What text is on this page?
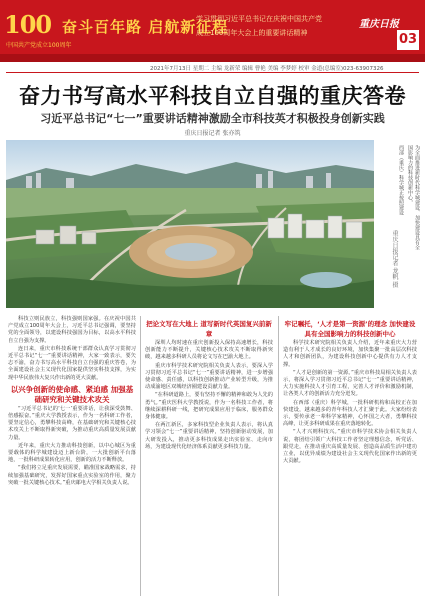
100
中国共产党成立100周年
奋斗百年路 启航新征程
学习贯彻习近平总书记在庆祝中国共产党
成立100周年大会上的重要讲话精神
重庆日报
03
2021年7月13日 星期二 主编 龙新荣 编辑 曹艳 美编 李梦婷 校审 金道(总编室)023-63907326
奋力书写高水平科技自立自强的重庆答卷
习近平总书记“七一”重要讲话精神激励全市科技英才积极投身创新实践
重庆日报记者 张亦筑
为全面推进新时代科学城建设、加快建设具有全国影响力的科技创新中心，
西部（重庆）科学城正按照建设
重庆日报记者 龙帆 摄

科技立则民族立，科技强则国家强。在庆祝中国共产党成立100周年大会上，习近平总书记强调，要坚持党的全面领导，以建设科技强国为目标，以高水平科技自立自强为支撑。

连日来，重庆市科技系统干部群众认真学习贯彻习近平总书记“七一”重要讲话精神，大家一致表示，要矢志不渝，奋力书写高水平科技自立自强的重庆答卷，为全面建设社会主义现代化国家提供坚实科技支撑，为实现中华民族伟大复兴作出新的更大贡献。

以兴争创新的使命感、紧迫感 加强基础研究和关键技术攻关

“习近平总书记的‘七一’重要讲话，让我深受鼓舞、倍感振奋。”重庆大学教授表示，作为一名科研工作者，要坚定信心，勇攀科技高峰，在基础研究和关键核心技术攻关上不断取得新突破，为推动重庆高质量发展贡献力量。

近年来，重庆大力推动科技创新，以中心城区为重要载体的科学城建设迈上新台阶，一大批创新平台落地，一批科研成果转化应用，创新的活力不断释放。

“我们将立足重庆发展需要，瞄准国家战略需求，持续加强基础研究，发挥好国家重点实验室的作用，聚力突破一批关键核心技术。”重庆邮电大学相关负责人说。

把论文写在大地上 道写新时代英国复兴前新章

深圳人均时速在重庆创新投入保持高速增长，科技创新能力不断提升，关键核心技术攻关不断取得新突破，越来越多科研人员将论文写在巴渝大地上。

重庆市科学技术研究院相关负责人表示，要深入学习贯彻习近平总书记“七一”重要讲话精神，进一步增强使命感、责任感，以科技创新推动产业转型升级，为推动成渝地区双城经济圈建设贡献力量。

“在科研道路上，要有坚持不懈的精神和敢为人先的勇气。”重庆医科大学教授说，作为一名科技工作者，将继续深耕科研一线，把研究成果应用于临床，服务群众身体健康。

在两江新区，多家科技型企业负责人表示，将认真学习领会“七一”重要讲话精神，坚持创新驱动发展，加大研发投入，推动更多科技成果走出实验室、走向市场，为建设现代化经济体系贡献更多科技力量。

牢记嘱托，‘人才是第一资源’的理念 加快建设具有全国影响力的科技创新中心

科学技术研究院相关负责人介绍，近年来重庆大力营造有利于人才成长的良好环境，加快集聚一批高层次科技人才和创新团队，为建设科技创新中心提供有力人才支撑。

“人才是创新的第一资源。”重庆市科技局相关负责人表示，将深入学习贯彻习近平总书记“七一”重要讲话精神，大力实施科技人才引育工程，完善人才评价和激励机制，让各类人才的创新活力充分迸发。

在西部（重庆）科学城，一批科研机构和高校正在加快建设，越来越多的青年科技人才汇聚于此。大家纷纷表示，要传承老一辈科学家精神，心怀国之大者，勇攀科技高峰，让更多科研成果在重庆落地转化。

“人才兴则科技兴。”重庆市科学技术协会相关负责人说，将团结引领广大科技工作者坚定理想信念，听党话、跟党走，在推动重庆高质量发展、创造高品质生活中建功立业，以优异成绩为建设社会主义现代化国家作出新的更大贡献。
